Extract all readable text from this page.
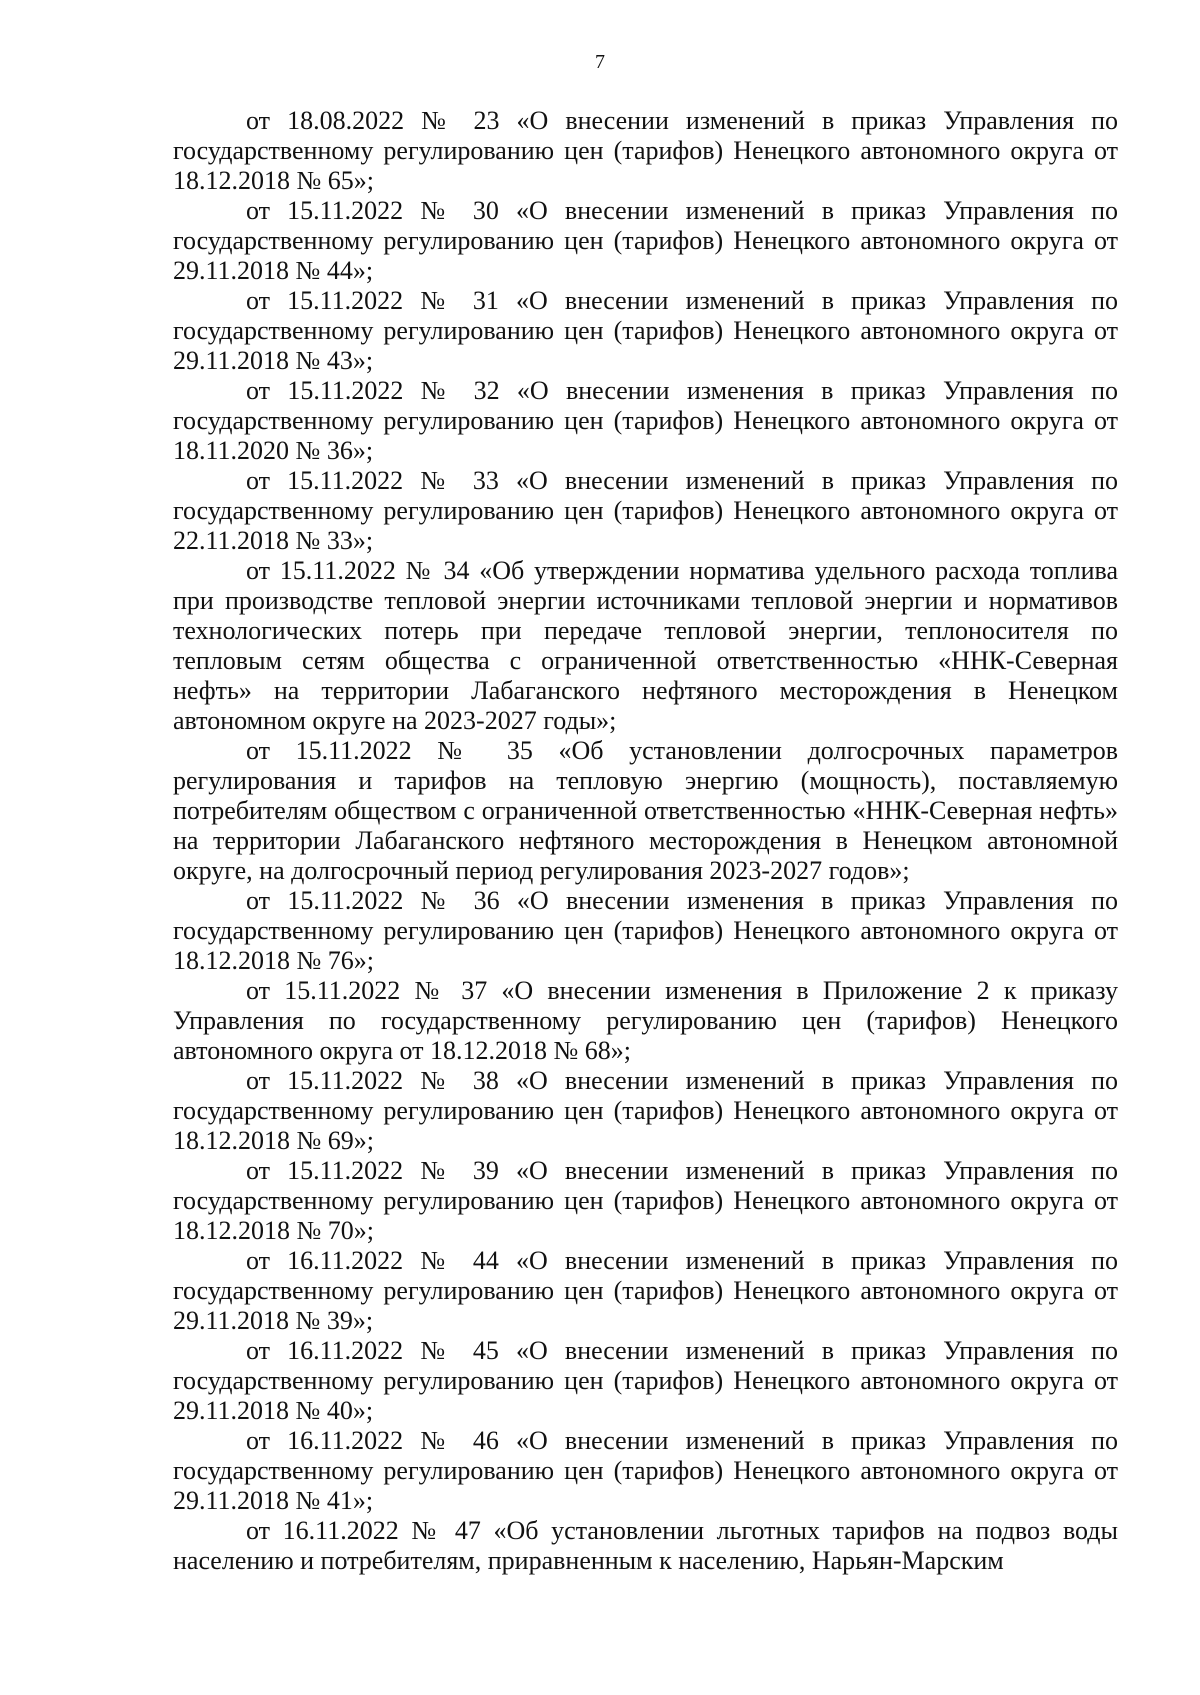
7

от 18.08.2022 № 23 «О внесении изменений в приказ Управления по государственному регулированию цен (тарифов) Ненецкого автономного округа от 18.12.2018 № 65»;

от 15.11.2022 № 30 «О внесении изменений в приказ Управления по государственному регулированию цен (тарифов) Ненецкого автономного округа от 29.11.2018 № 44»;

от 15.11.2022 № 31 «О внесении изменений в приказ Управления по государственному регулированию цен (тарифов) Ненецкого автономного округа от 29.11.2018 № 43»;

от 15.11.2022 № 32 «О внесении изменения в приказ Управления по государственному регулированию цен (тарифов) Ненецкого автономного округа от 18.11.2020 № 36»;

от 15.11.2022 № 33 «О внесении изменений в приказ Управления по государственному регулированию цен (тарифов) Ненецкого автономного округа от 22.11.2018 № 33»;

от 15.11.2022 № 34 «Об утверждении норматива удельного расхода топлива при производстве тепловой энергии источниками тепловой энергии и нормативов технологических потерь при передаче тепловой энергии, теплоносителя по тепловым сетям общества с ограниченной ответственностью «ННК-Северная нефть» на территории Лабаганского нефтяного месторождения в Ненецком автономном округе на 2023-2027 годы»;

от 15.11.2022 № 35 «Об установлении долгосрочных параметров регулирования и тарифов на тепловую энергию (мощность), поставляемую потребителям обществом с ограниченной ответственностью «ННК-Северная нефть» на территории Лабаганского нефтяного месторождения в Ненецком автономной округе, на долгосрочный период регулирования 2023-2027 годов»;

от 15.11.2022 № 36 «О внесении изменения в приказ Управления по государственному регулированию цен (тарифов) Ненецкого автономного округа от 18.12.2018 № 76»;

от 15.11.2022 № 37 «О внесении изменения в Приложение 2 к приказу Управления по государственному регулированию цен (тарифов) Ненецкого автономного округа от 18.12.2018 № 68»;

от 15.11.2022 № 38 «О внесении изменений в приказ Управления по государственному регулированию цен (тарифов) Ненецкого автономного округа от 18.12.2018 № 69»;

от 15.11.2022 № 39 «О внесении изменений в приказ Управления по государственному регулированию цен (тарифов) Ненецкого автономного округа от 18.12.2018 № 70»;

от 16.11.2022 № 44 «О внесении изменений в приказ Управления по государственному регулированию цен (тарифов) Ненецкого автономного округа от 29.11.2018 № 39»;

от 16.11.2022 № 45 «О внесении изменений в приказ Управления по государственному регулированию цен (тарифов) Ненецкого автономного округа от 29.11.2018 № 40»;

от 16.11.2022 № 46 «О внесении изменений в приказ Управления по государственному регулированию цен (тарифов) Ненецкого автономного округа от 29.11.2018 № 41»;

от 16.11.2022 № 47 «Об установлении льготных тарифов на подвоз воды населению и потребителям, приравненным к населению, Нарьян-Марским
